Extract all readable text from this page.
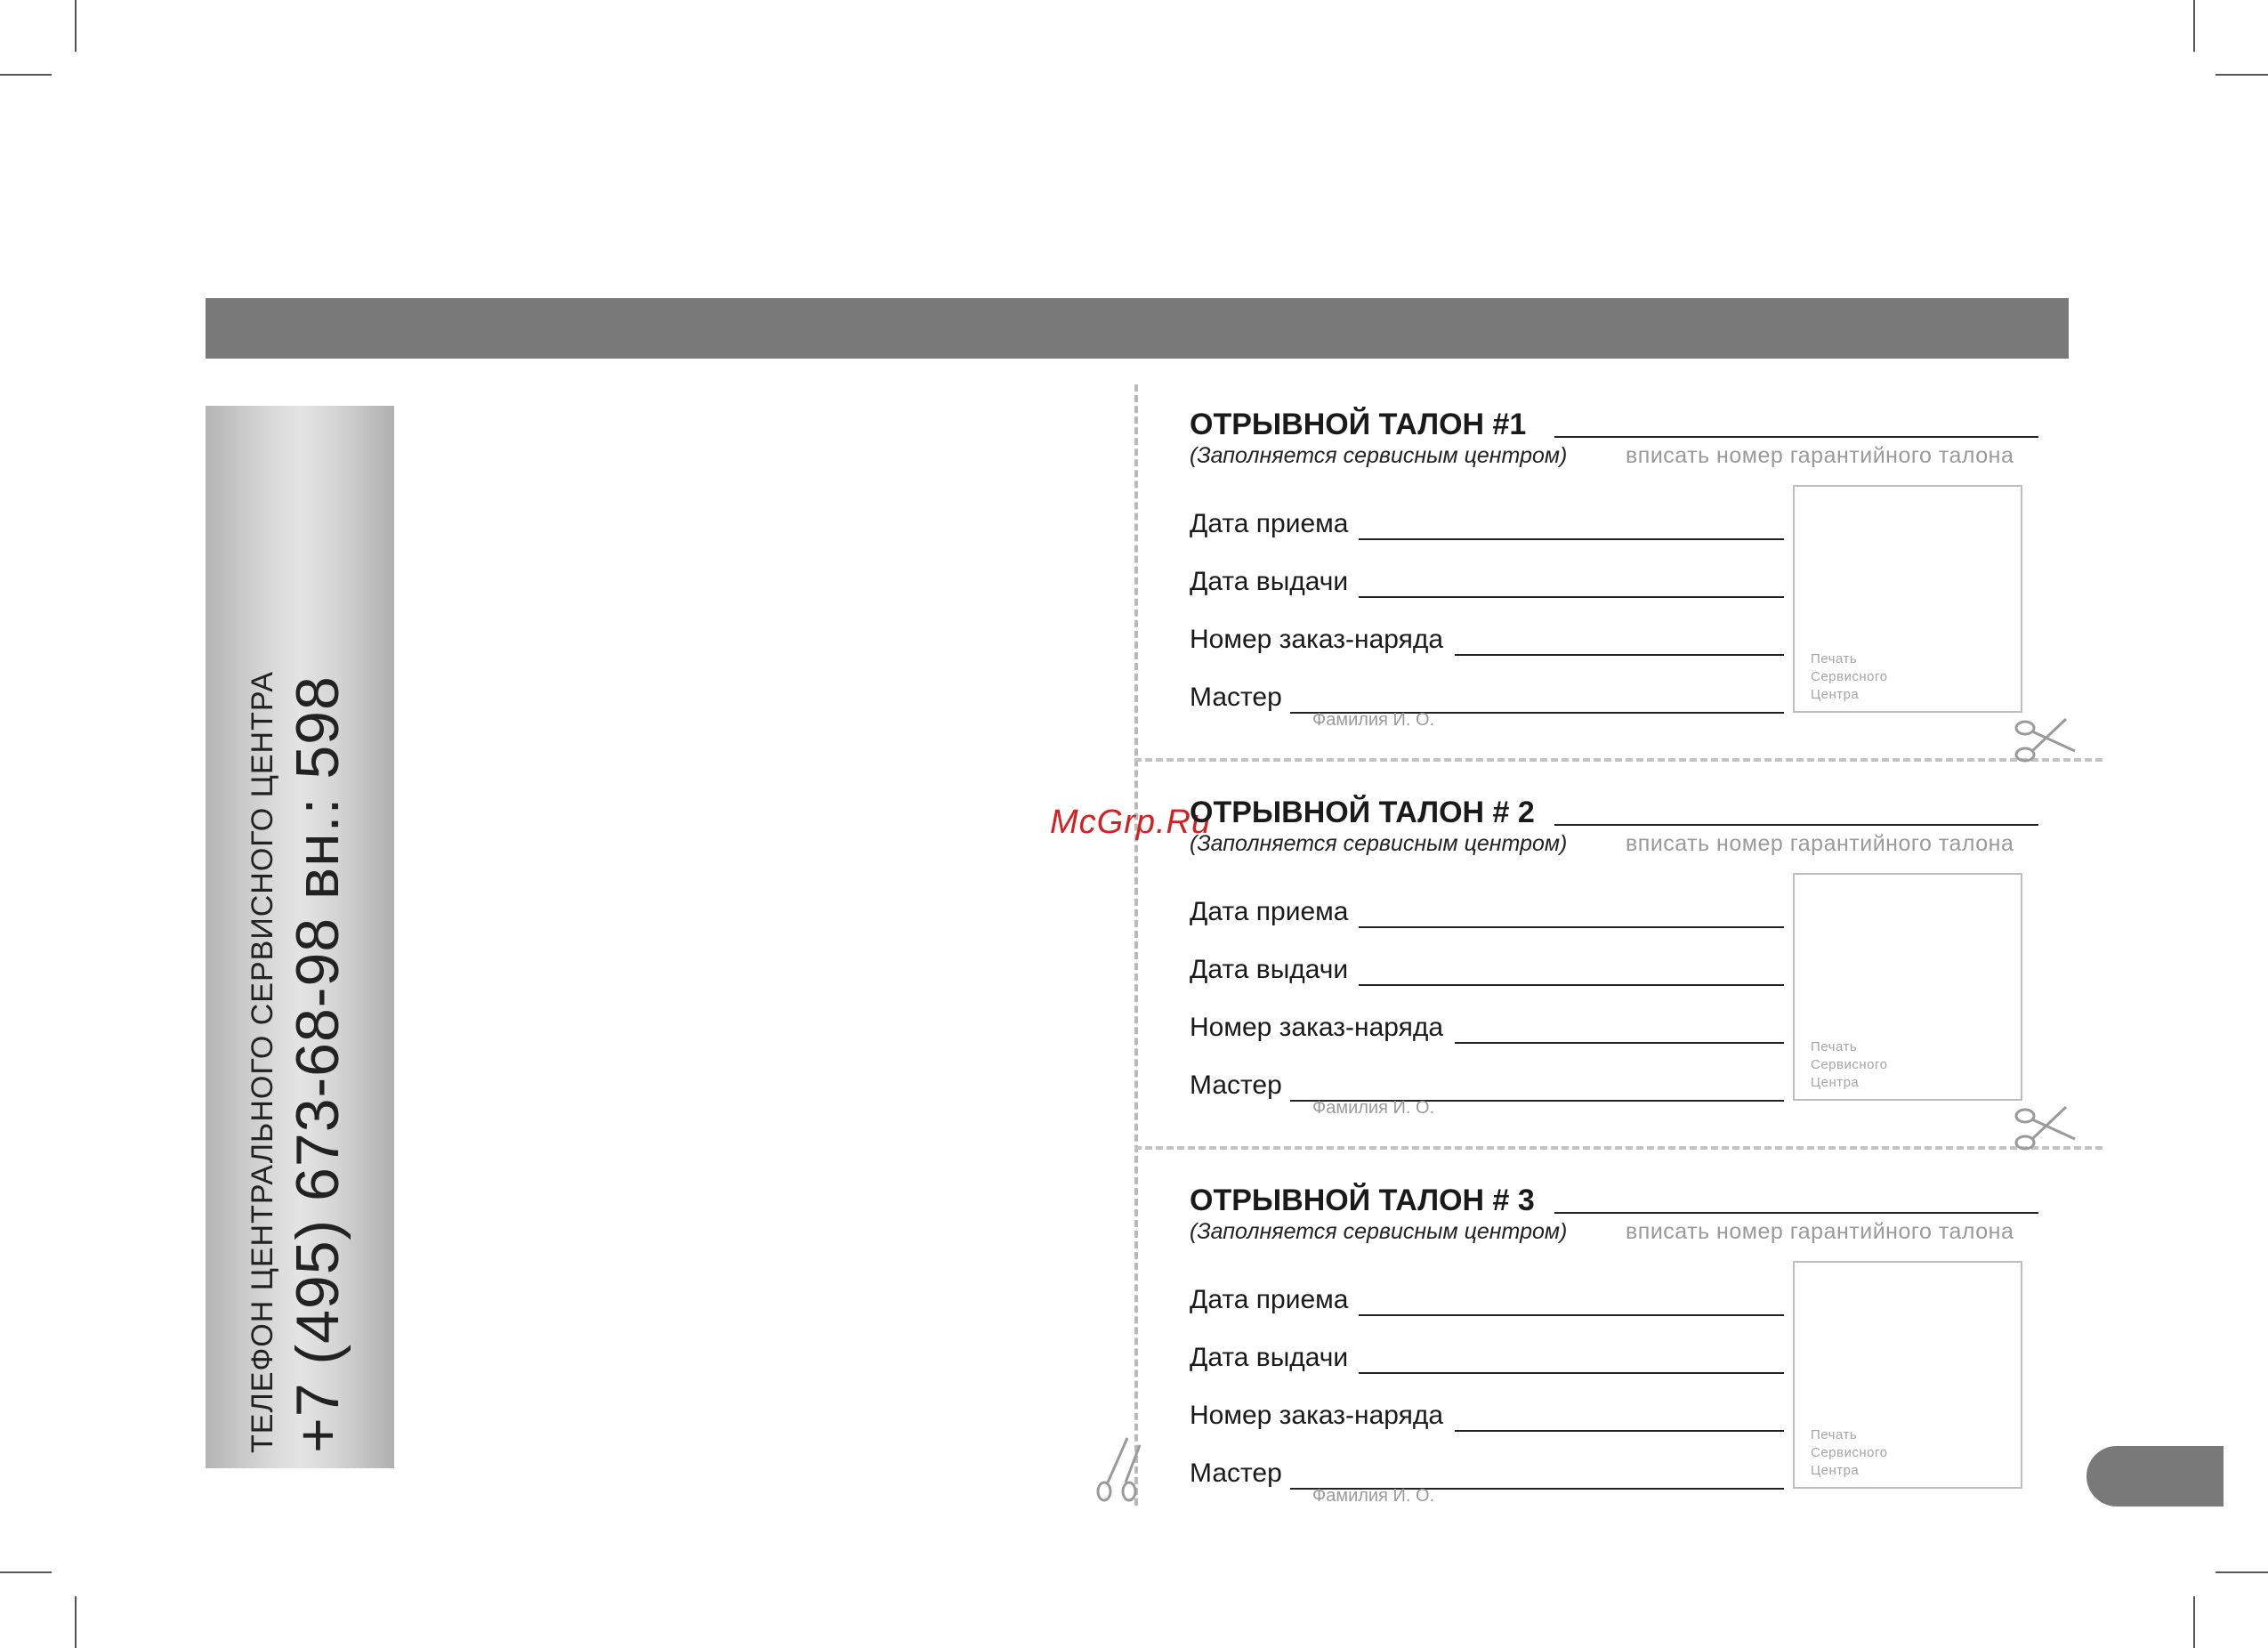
ТЕЛЕФОН ЦЕНТРАЛЬНОГО СЕРВИСНОГО ЦЕНТРА +7 (495) 673-68-98 вн.: 598	McGrp.Ru
ОТРЫВНОЙ ТАЛОН #1
(Заполняется сервисным центром)	вписать номер гарантийного талона
Дата приема
Дата выдачи
Номер заказ-наряда
Мастер
Фамилия И. О.
Печать
Сервисного
Центра
ОТРЫВНОЙ ТАЛОН # 2
(Заполняется сервисным центром)	вписать номер гарантийного талона
Дата приема
Дата выдачи
Номер заказ-наряда
Мастер
Фамилия И. О.
Печать
Сервисного
Центра
ОТРЫВНОЙ ТАЛОН # 3
(Заполняется сервисным центром)	вписать номер гарантийного талона
Дата приема
Дата выдачи
Номер заказ-наряда
Мастер
Фамилия И. О.
Печать
Сервисного
Центра
